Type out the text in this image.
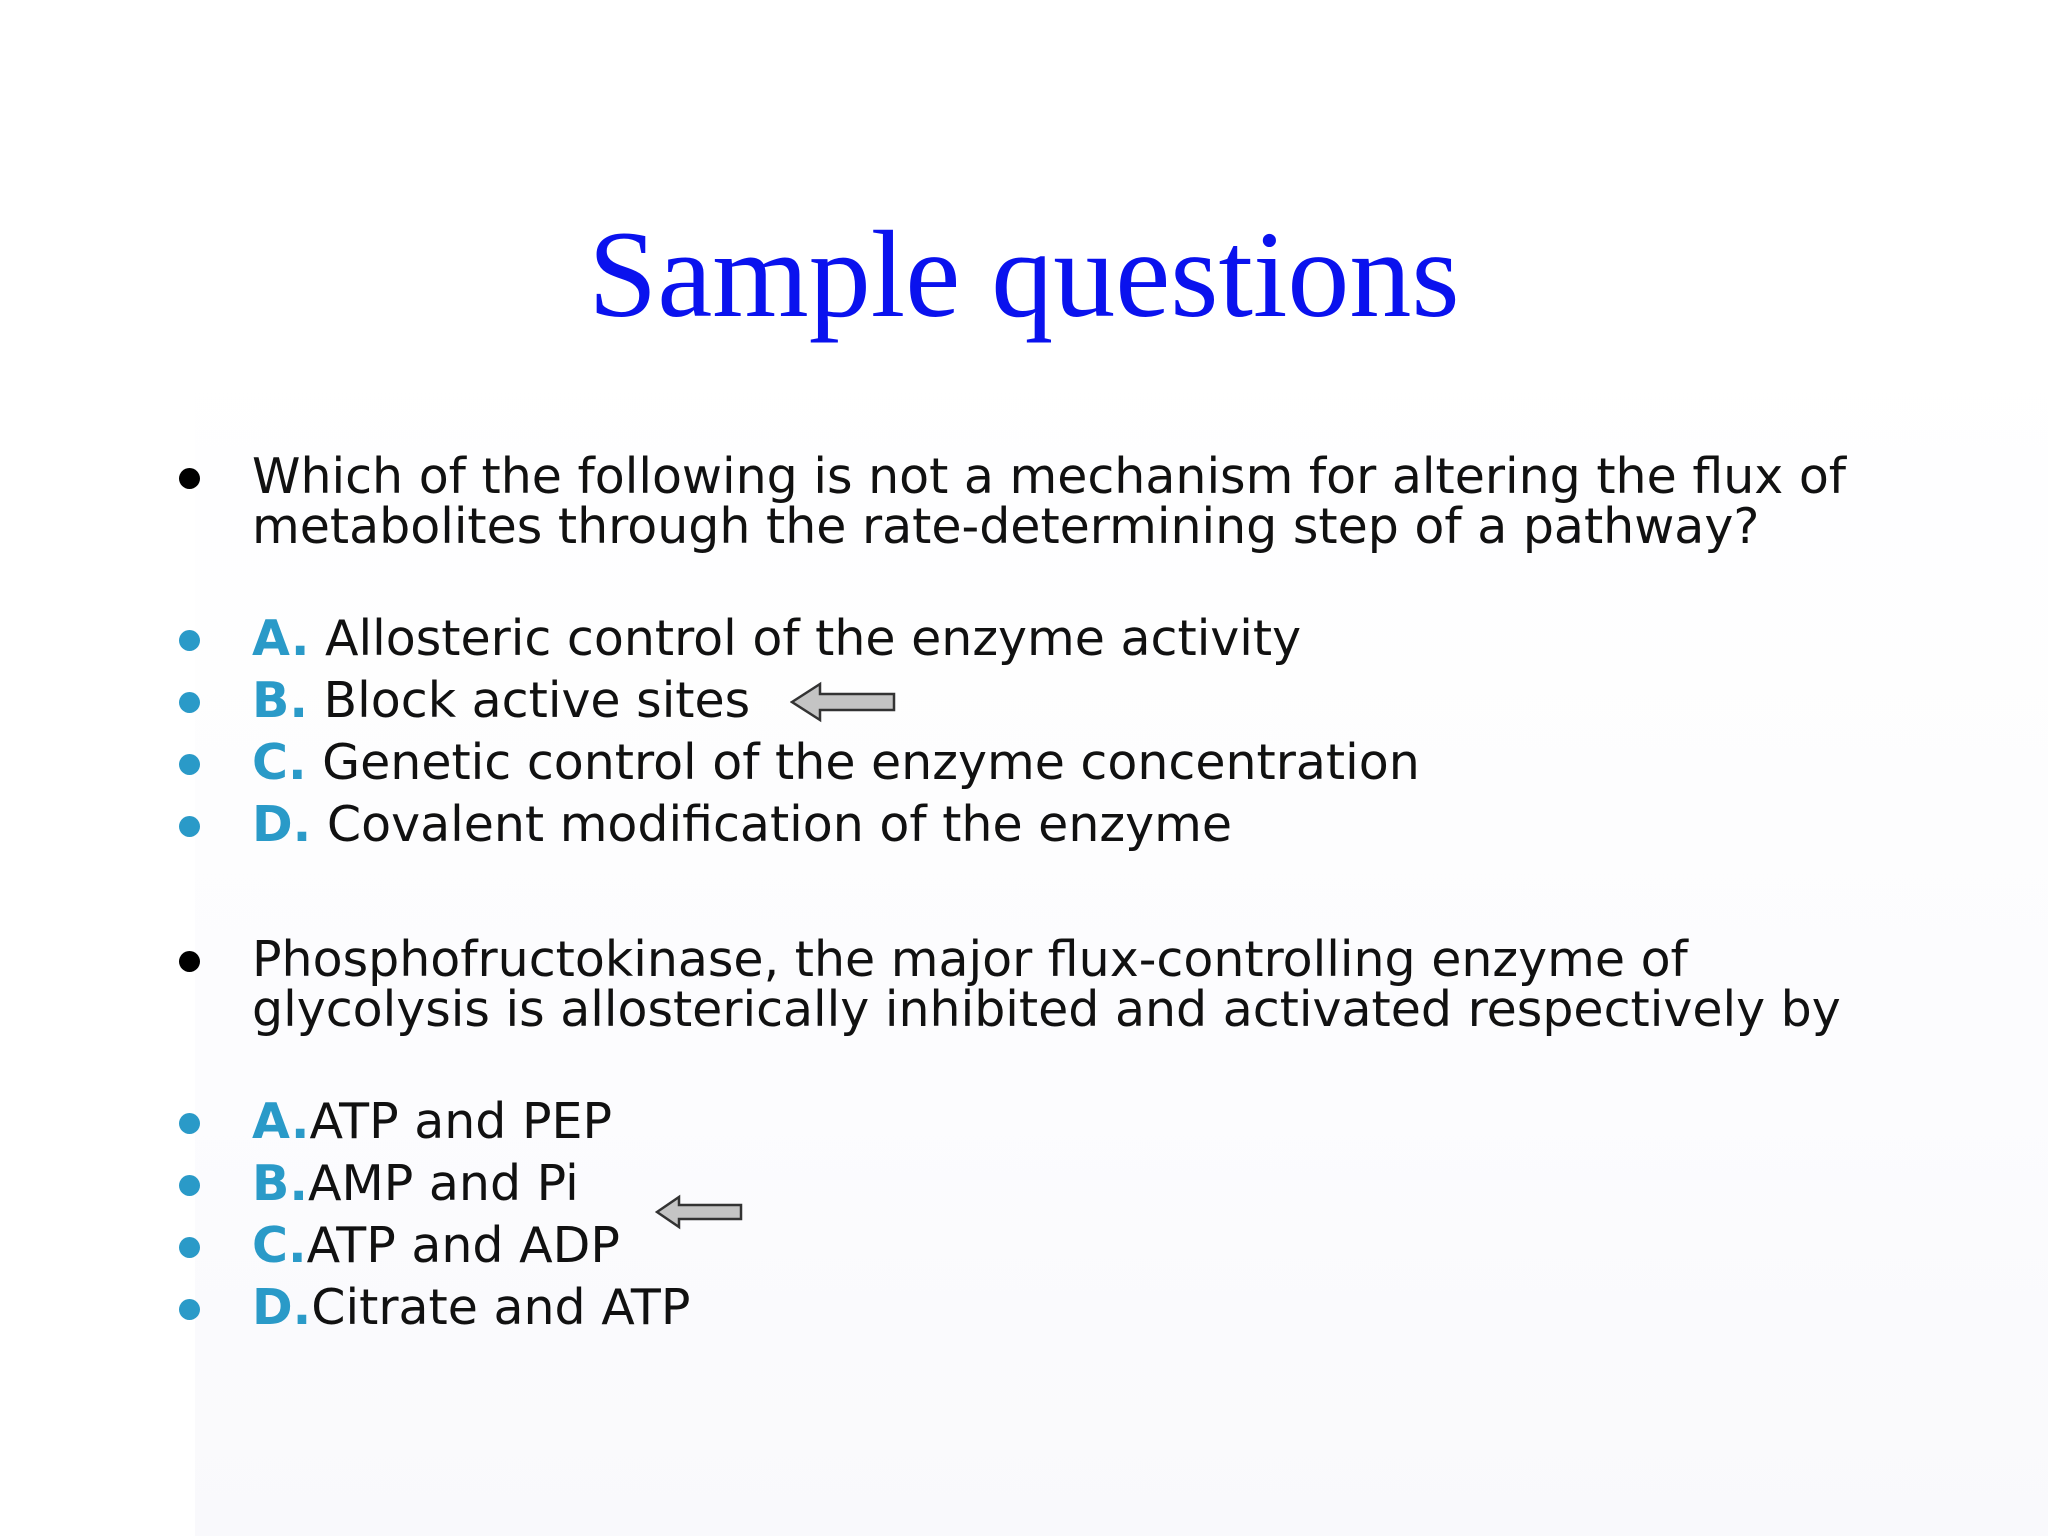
Sample questions
Which of the following is not a mechanism for altering the flux of metabolites through the rate-determining step of a pathway?
A. Allosteric control of the enzyme activity
B. Block active sites
C. Genetic control of the enzyme concentration
D. Covalent modification of the enzyme
Phosphofructokinase, the major flux-controlling enzyme of glycolysis is allosterically inhibited and activated respectively by
A.ATP and PEP
B.AMP and Pi
C.ATP and ADP
D.Citrate and ATP
